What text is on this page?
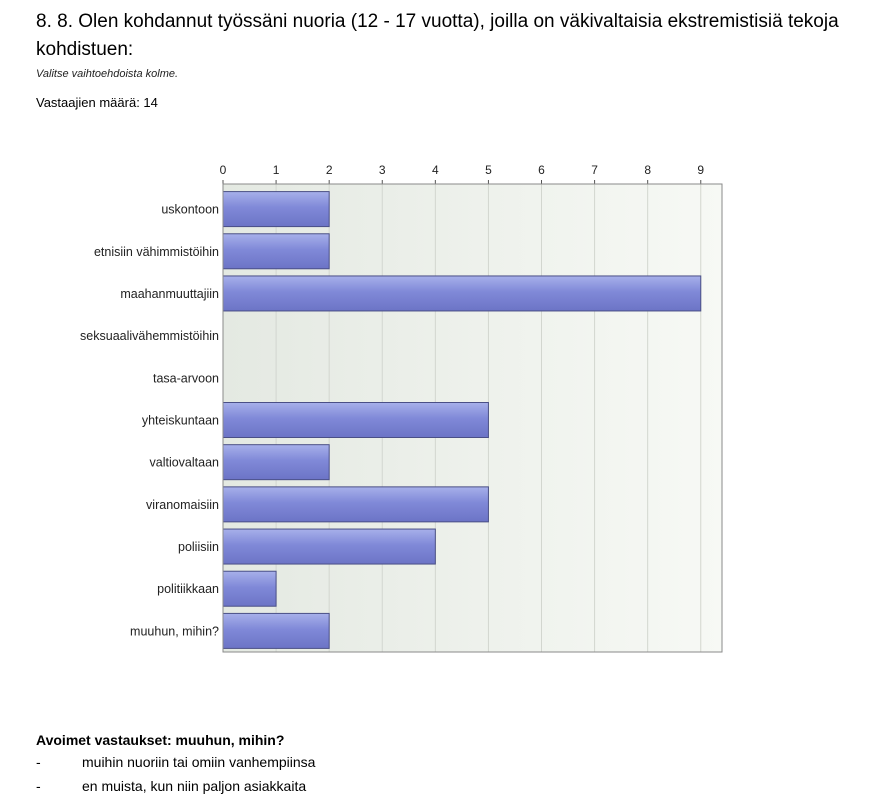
8. 8. Olen kohdannut työssäni nuoria (12 - 17 vuotta), joilla on väkivaltaisia ekstremistisiä tekoja kohdistuen:
Valitse vaihtoehdoista kolme.
Vastaajien määrä: 14
0	1	2	3	4	5	6	7	8	9
uskontoon
etnisiin vähimmistöihin
maahanmuuttajiin
seksuaalivähemmistöihin
tasa-arvoon
yhteiskuntaan
valtiovaltaan
viranomaisiin
poliisiin
politiikkaan
muuhun, mihin?
Avoimet vastaukset: muuhun, mihin?
-	muihin nuoriin tai omiin vanhempiinsa
-	en muista, kun niin paljon asiakkaita
